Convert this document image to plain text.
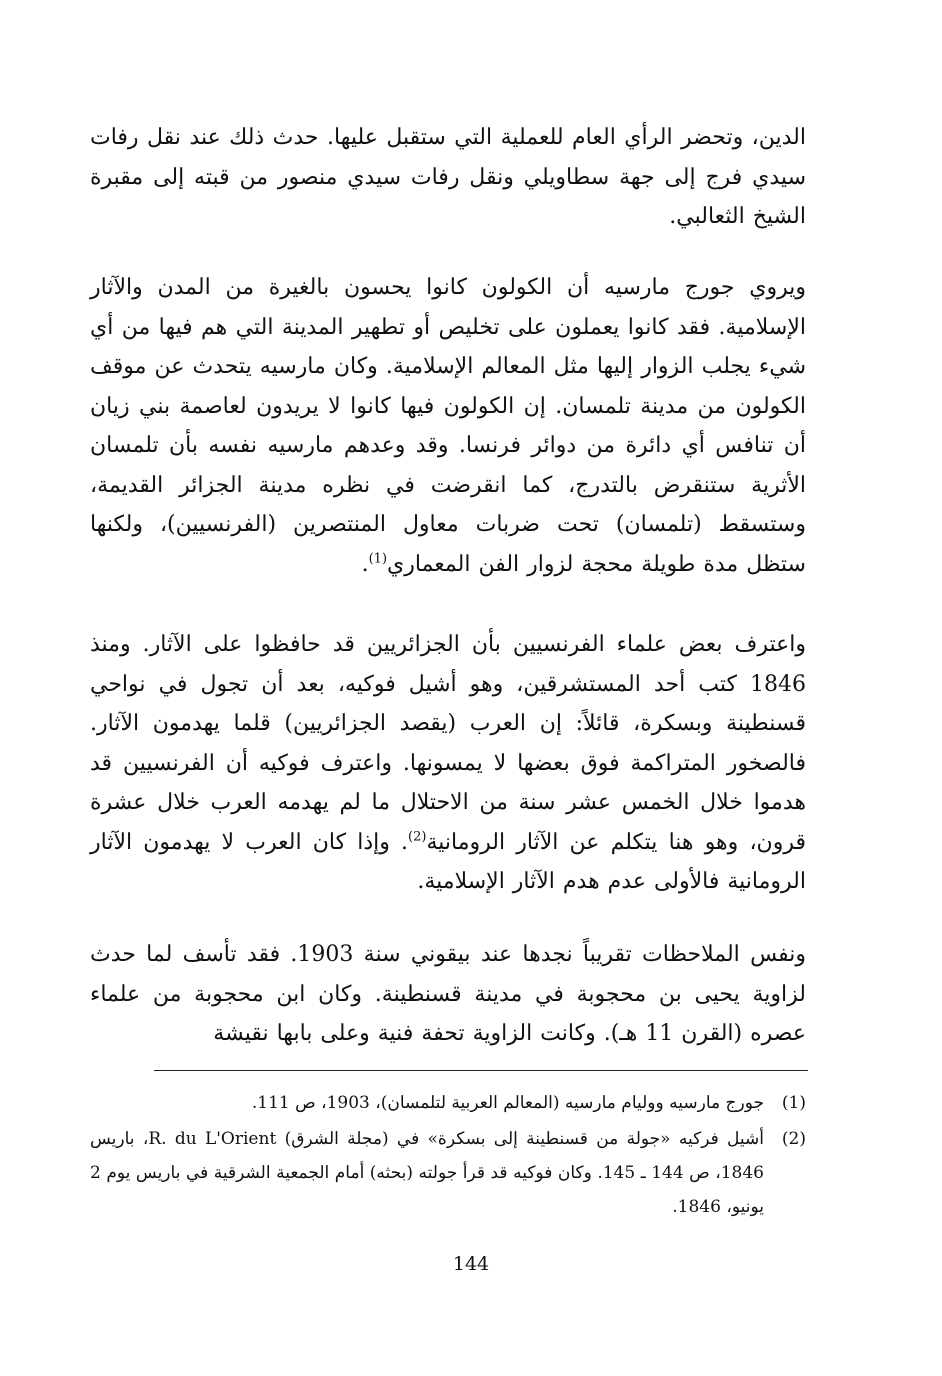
الدين، وتحضر الرأي العام للعملية التي ستقبل عليها. حدث ذلك عند نقل رفات سيدي فرج إلى جهة سطاويلي ونقل رفات سيدي منصور من قبته إلى مقبرة الشيخ الثعالبي.

ويروي جورج مارسيه أن الكولون كانوا يحسون بالغيرة من المدن والآثار الإسلامية. فقد كانوا يعملون على تخليص أو تطهير المدينة التي هم فيها من أي شيء يجلب الزوار إليها مثل المعالم الإسلامية. وكان مارسيه يتحدث عن موقف الكولون من مدينة تلمسان. إن الكولون فيها كانوا لا يريدون لعاصمة بني زيان أن تنافس أي دائرة من دوائر فرنسا. وقد وعدهم مارسيه نفسه بأن تلمسان الأثرية ستنقرض بالتدرج، كما انقرضت في نظره مدينة الجزائر القديمة، وستسقط (تلمسان) تحت ضربات معاول المنتصرين (الفرنسيين)، ولكنها ستظل مدة طويلة محجة لزوار الفن المعماري$^{(1)}$.

واعترف بعض علماء الفرنسيين بأن الجزائريين قد حافظوا على الآثار. ومنذ 1846 كتب أحد المستشرقين، وهو أشيل فوكيه، بعد أن تجول في نواحي قسنطينة وبسكرة، قائلاً: إن العرب (يقصد الجزائريين) قلما يهدمون الآثار. فالصخور المتراكمة فوق بعضها لا يمسونها. واعترف فوكيه أن الفرنسيين قد هدموا خلال الخمس عشر سنة من الاحتلال ما لم يهدمه العرب خلال عشرة قرون، وهو هنا يتكلم عن الآثار الرومانية$^{(2)}$. وإذا كان العرب لا يهدمون الآثار الرومانية فالأولى عدم هدم الآثار الإسلامية.

ونفس الملاحظات تقريباً نجدها عند بيقوني سنة 1903. فقد تأسف لما حدث لزاوية يحيى بن محجوبة في مدينة قسنطينة. وكان ابن محجوبة من علماء عصره (القرن 11 هـ). وكانت الزاوية تحفة فنية وعلى بابها نقيشة

(1)
جورج مارسيه ووليام مارسيه (المعالم العربية لتلمسان)، 1903، ص 111.

(2)
أشيل فركيه «جولة من قسنطينة إلى بسكرة» في (مجلة الشرق) R. du L'Orient، باريس 1846، ص 144 ـ 145. وكان فوكيه قد قرأ جولته (بحثه) أمام الجمعية الشرقية في باريس يوم 2 يونيو، 1846.

144
